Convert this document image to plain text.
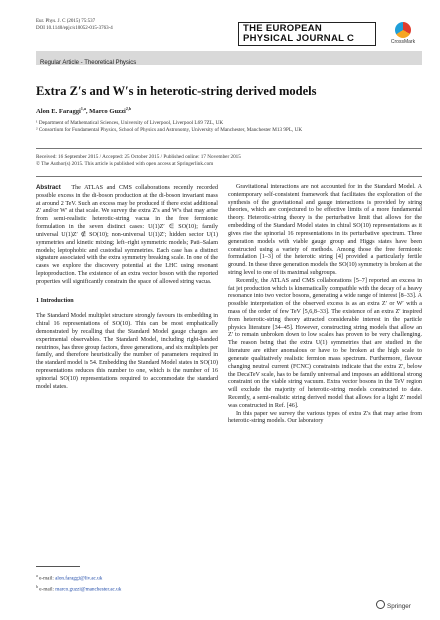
Eur. Phys. J. C (2015) 75:537
DOI 10.1140/epjc/s10052-015-3763-4	THE EUROPEAN
PHYSICAL JOURNAL C	CrossMark
Regular Article - Theoretical Physics
Extra Z′s and W′s in heterotic-string derived models
Alon E. Faraggi$^{1,a}$, Marco Guzzi$^{2,b}$
¹ Department of Mathematical Sciences, University of Liverpool, Liverpool L69 7ZL, UK
² Consortium for Fundamental Physics, School of Physics and Astronomy, University of Manchester, Manchester M13 9PL, UK
Received: 16 September 2015 / Accepted: 25 October 2015 / Published online: 17 November 2015
© The Author(s) 2015. This article is published with open access at Springerlink.com

Abstract The ATLAS and CMS collaborations recently recorded possible excess in the di-boson production at the di-boson invariant mass at around 2 TeV. Such an excess may be produced if there exist additional Z′ and/or W′ at that scale. We survey the extra Z′s and W′s that may arise from semi-realistic heterotic-string vacua in the free fermionic formulation in the seven distinct cases: U(1)Z′ ∈ SO(10); family universal U(1)Z′ ∉ SO(10); non-universal U(1)Z′; hidden sector U(1) symmetries and kinetic mixing; left–right symmetric models; Pati–Salam models; leptophobic and custodial symmetries. Each case has a distinct signature associated with the extra symmetry breaking scale. In one of the cases we explore the discovery potential at the LHC using resonant leptoproduction. The existence of an extra vector boson with the reported properties will significantly constrain the space of allowed string vacua.

1 Introduction

The Standard Model multiplet structure strongly favours its embedding in chiral 16 representations of SO(10). This can be most emphatically demonstrated by recalling that the Standard Model gauge charges are experimental observables. The Standard Model, including right-handed neutrinos, has three group factors, three generations, and six multiplets per family, and therefore heuristically the number of parameters required in the standard model is 54. Embedding the Standard Model states in SO(10) representations reduces this number to one, which is the number of 16 spinorial SO(10) representations required to accommodate the standard model states.

Gravitational interactions are not accounted for in the Standard Model. A contemporary self-consistent framework that facilitates the exploration of the synthesis of the gravitational and gauge interactions is provided by string theories, which are conjectured to be effective limits of a more fundamental theory. Heterotic-string theory is the perturbative limit that allows for the embedding of the Standard Model states in chiral SO(10) representations as it gives rise the spinorial 16 representations in its perturbative spectrum. Three generation models with viable gauge group and Higgs states have been constructed using a variety of methods. Among those the free fermionic formulation [1–3] of the heterotic string [4] provided a particularly fertile ground. In these three generation models the SO(10) symmetry is broken at the string level to one of its maximal subgroups.

Recently, the ATLAS and CMS collaborations [5–7] reported an excess in fat jet production which is kinematically compatible with the decay of a heavy resonance into two vector bosons, generating a wide range of interest [8–33]. A possible interpretation of the observed excess is as an extra Z′ or W′ with a mass of the order of few TeV [5,6,8–33]. The existence of an extra Z′ inspired from heterotic-string theory attracted considerable interest in the particle physics literature [34–45]. However, constructing string models that allow an Z′ to remain unbroken down to low scales has proven to be very challenging. The reason being that the extra U(1) symmetries that are studied in the literature are either anomalous or have to be broken at the high scale to generate qualitatively realistic fermion mass spectrum. Furthermore, flavour changing neutral current (FCNC) constraints indicate that the extra Z′, below the DecaTeV scale, has to be family universal and imposes an additional strong constraint on the viable string vacuum. Extra vector bosons in the TeV region will exclude the majority of heterotic-string models constructed to date. Recently, a semi-realistic string derived model that allows for a light Z′ model was constructed in Ref. [46].

In this paper we survey the various types of extra Z′s that may arise from heterotic-string models. Our laboratory

$^a$ e-mail: alon.faraggi@liv.ac.uk
$^b$ e-mail: marco.guzzi@manchester.ac.uk
Springer
